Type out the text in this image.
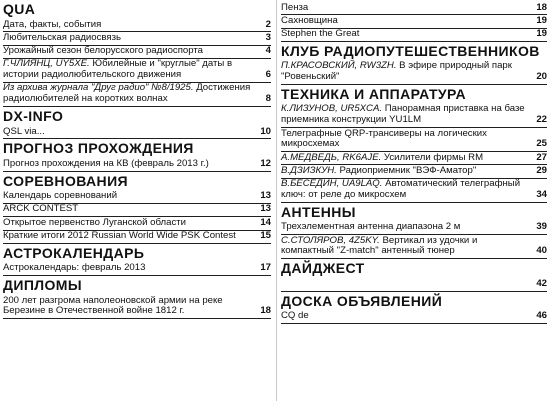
QUA
Дата, факты, события	2
Любительская радиосвязь	3
Урожайный сезон белорусского радиоспорта	4
Г.ЧЛИЯНЦ, UY5XE. Юбилейные и "круглые" даты в истории радиолюбительского движения	6
Из архива журнала "Друг радио" №8/1925. Достижения радиолюбителей на коротких волнах	8
DX-INFO
QSL via...	10
ПРОГНОЗ ПРОХОЖДЕНИЯ
Прогноз прохождения на КВ (февраль 2013 г.)	12
СОРЕВНОВАНИЯ
Календарь соревнований	13
ARCK CONTEST	13
Открытое первенство Луганской области	14
Краткие итоги 2012 Russian World Wide PSK Contest	15
АСТРОКАЛЕНДАРЬ
Астрокалендарь: февраль 2013	17
ДИПЛОМЫ
200 лет разгрома наполеоновской армии на реке Березине в Отечественной войне 1812 г.	18
Пенза	18
Сахновщина	19
Stephen the Great	19
КЛУБ РАДИОПУТЕШЕСТВЕННИКОВ
П.КРАСОВСКИЙ, RW3ZH. В эфире природный парк "Ровеньский"	20
ТЕХНИКА И АППАРАТУРА
К.ЛИЗУНОВ, UR5XCA. Панорамная приставка на базе приемника конструкции YU1LM	22
Телеграфные QRP-трансиверы на логических микросхемах	25
А.МЕДВЕДЬ, RK6AJE. Усилители фирмы RM	27
В.ДЗИЗКУН. Радиоприемник "ВЭФ-Аматор"	29
В.БЕСЕДИН, UA9LAQ. Автоматический телеграфный ключ: от реле до микросхем	34
АНТЕННЫ
Трехэлементная антенна диапазона 2 м	39
С.СТОЛЯРОВ, 4Z5KY. Вертикал из удочки и компактный "Z-match" антенный тюнер	40
ДАЙДЖЕСТ
42
ДОСКА ОБЪЯВЛЕНИЙ
CQ de	46
